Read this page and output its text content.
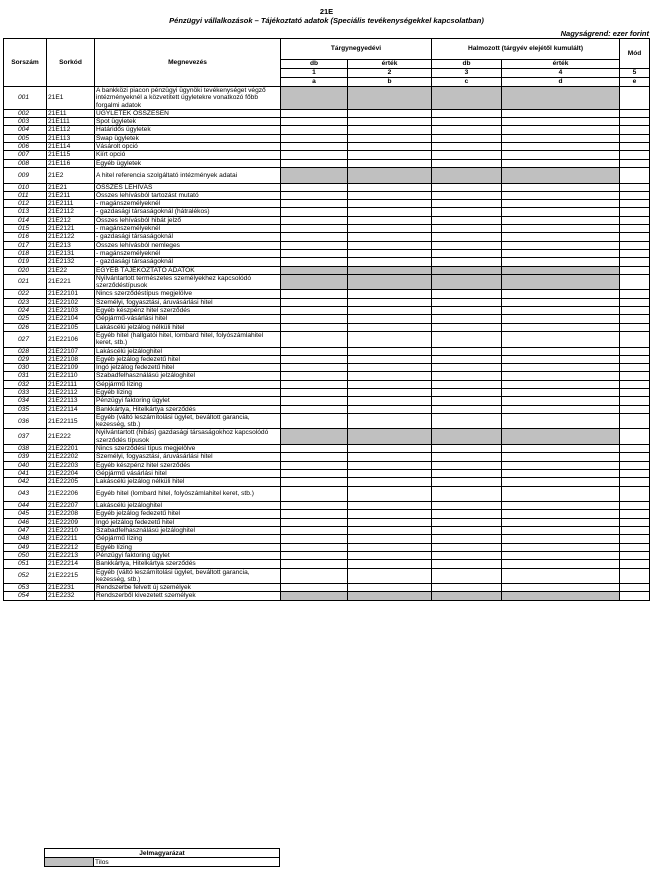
21E
Pénzügyi vállalkozások – Tájékoztató adatok (Speciális tevékenységekkel kapcsolatban)
Nagyságrend: ezer forint
Sorszám	Sorkód	Megnevezés	Tárgynegyedévi		Halmozott (tárgyév elejétől kumulált)		Mód
			db	érték	db	érték	
			1	2	3	4	5
			a	b	c	d	e
001	21E1	A bankközi piacon pénzügyi ügynöki tevékenységet végző intézményeknél a közvetített ügyletekre vonatkozó főbb forgalmi adatok					
002	21E11	ÜGYLETEK ÖSSZESEN					
003	21E111	Spot ügyletek					
004	21E112	Határidős ügyletek					
005	21E113	Swap ügyletek					
006	21E114	Vásárolt opció					
007	21E115	Kiírt opció					
008	21E116	Egyéb ügyletek					
009	21E2	A hitel referencia szolgáltató intézmények adatai					
010	21E21	ÖSSZES LEHÍVÁS					
011	21E211	Összes lehívásból tartozást mutató					
012	21E2111	- magánszemélyeknél					
013	21E2112	- gazdasági társaságoknál (hátralékos)					
014	21E212	Összes lehívásból hibát jelző					
015	21E2121	- magánszemélyeknél					
016	21E2122	- gazdasági társaságoknál					
017	21E213	Összes lehívásból nemleges					
018	21E2131	- magánszemélyeknél					
019	21E2132	- gazdasági társaságoknál					
020	21E22	EGYÉB TÁJÉKOZTATÓ ADATOK					
021	21E221	Nyilvántartott természetes személyekhez kapcsolódó szerződéstípusok					
022	21E22101	Nincs szerződéstípus megjelölve					
023	21E22102	Személyi, fogyasztási, áruvásárlási hitel					
024	21E22103	Egyéb készpénz hitel szerződés					
025	21E22104	Gépjármű-vásárlási hitel					
026	21E22105	Lakáscélú jelzálog nélküli hitel					
027	21E22106	Egyéb hitel (hallgatói hitel, lombard hitel, folyószámlahitel keret, stb.)					
028	21E22107	Lakáscélú jelzáloghitel					
029	21E22108	Egyéb jelzálog fedezetű hitel					
030	21E22109	Ingó jelzálog fedezetű hitel					
031	21E22110	Szabadfelhasználású jelzáloghitel					
032	21E22111	Gépjármű lízing					
033	21E22112	Egyéb lízing					
034	21E22113	Pénzügyi faktoring ügylet					
035	21E22114	Bankkártya, Hitelkártya szerződés					
036	21E22115	Egyéb (váltó leszámítolási ügylet, beváltott garancia, kezesség, stb.)					
037	21E222	Nyilvántartott (hibás) gazdasági társaságokhoz kapcsolódó szerződés típusok					
038	21E22201	Nincs szerződési típus megjelölve					
039	21E22202	Személyi, fogyasztási, áruvásárlási hitel					
040	21E22203	Egyéb készpénz hitel szerződés					
041	21E22204	Gépjármű vásárlási hitel					
042	21E22205	Lakáscélú jelzálog nélküli hitel					
043	21E22206	Egyéb hitel (lombard hitel, folyószámlahitel keret, stb.)					
044	21E22207	Lakáscélú jelzáloghitel					
045	21E22208	Egyéb jelzálog fedezetű hitel					
046	21E22209	Ingó jelzálog fedezetű hitel					
047	21E22210	Szabadfelhasználású jelzáloghitel					
048	21E22211	Gépjármű lízing					
049	21E22212	Egyéb lízing					
050	21E22213	Pénzügyi faktoring ügylet					
051	21E22214	Bankkártya, Hitelkártya szerződés					
052	21E22215	Egyéb (váltó leszámítolási ügylet, beváltott garancia, kezesség, stb.)					
053	21E2231	Rendszerbe felvett új személyek					
054	21E2232	Rendszerből kivezetett személyek					
Jelmagyarázat
	Tilos
